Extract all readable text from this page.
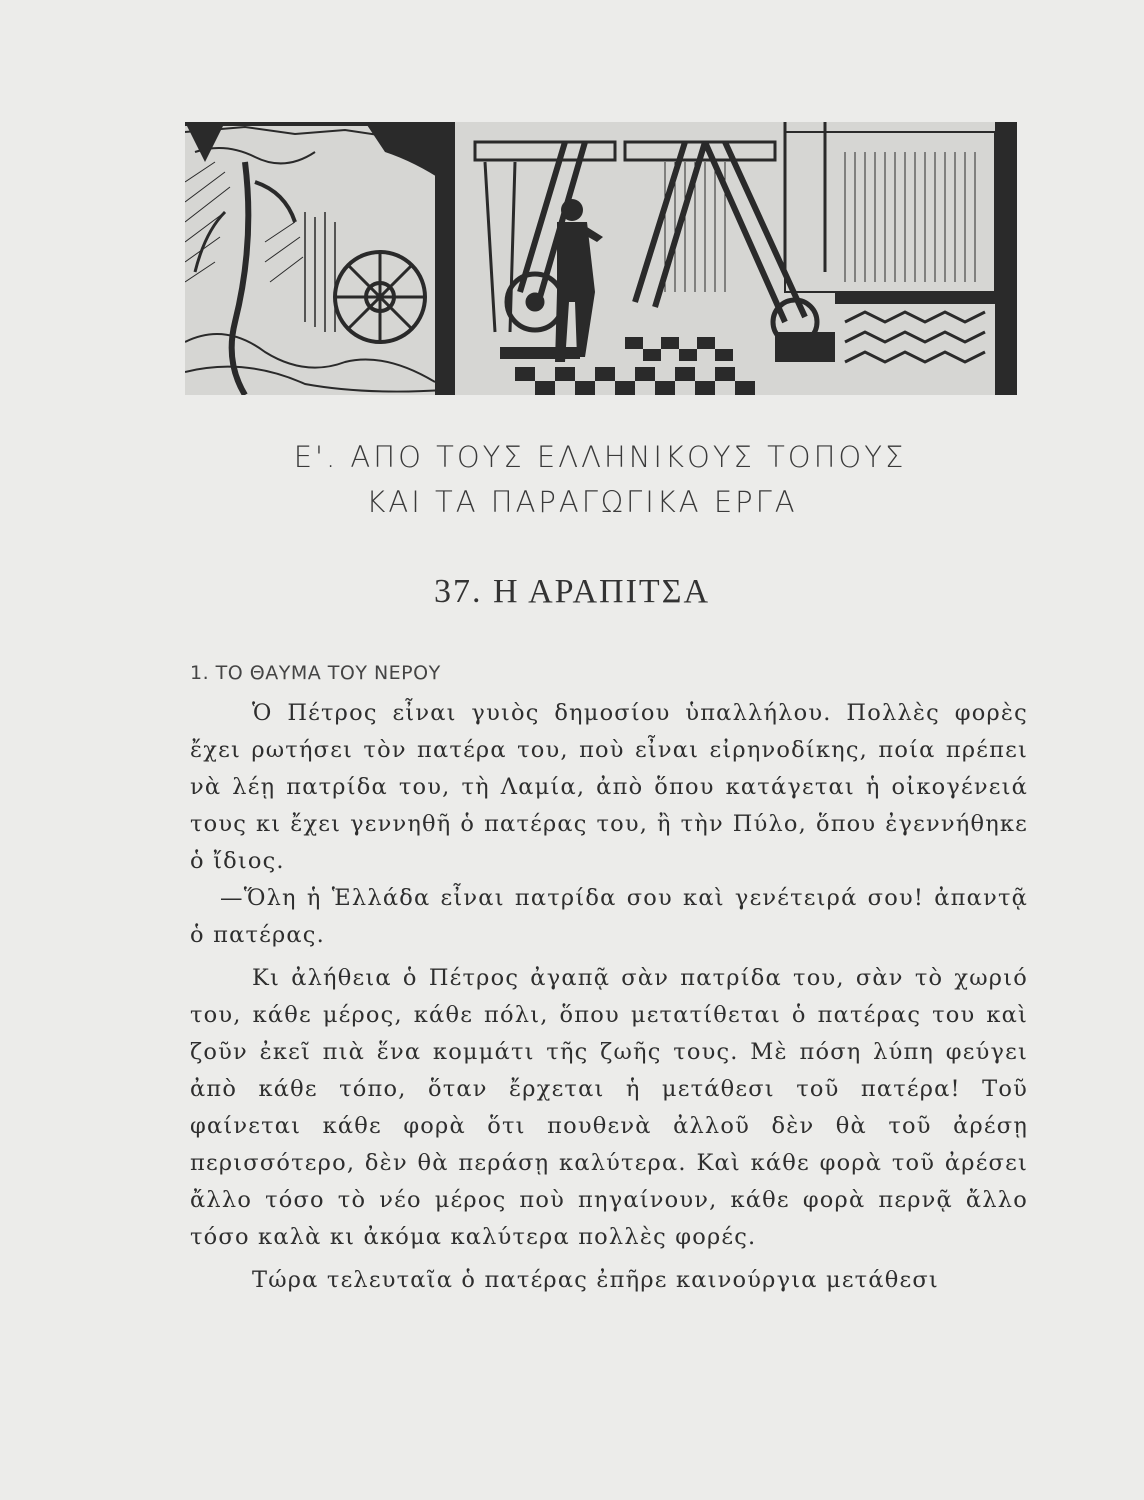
Ε'. ΑΠΟ ΤΟΥΣ ΕΛΛΗΝΙΚΟΥΣ ΤΟΠΟΥΣ
ΚΑΙ ΤΑ ΠΑΡΑΓΩΓΙΚΑ ΕΡΓΑ
37. Η ΑΡΑΠΙΤΣΑ
1. ΤΟ ΘΑΥΜΑ ΤΟΥ ΝΕΡΟΥ

Ὁ Πέτρος εἶναι γυιὸς δημοσίου ὑπαλλήλου. Πολλὲς φορὲς ἔχει ρωτήσει τὸν πατέρα του, ποὺ εἶναι εἰρηνοδίκης, ποία πρέπει νὰ λέῃ πατρίδα του, τὴ Λαμία, ἀπὸ ὅπου κατάγεται ἡ οἰκογένειά τους κι ἔχει γεννηθῆ ὁ πατέρας του, ἢ τὴν Πύλο, ὅπου ἐγεννήθηκε ὁ ἴδιος.

—Ὅλη ἡ Ἑλλάδα εἶναι πατρίδα σου καὶ γενέτειρά σου! ἀπαντᾷ ὁ πατέρας.

Κι ἀλήθεια ὁ Πέτρος ἀγαπᾷ σὰν πατρίδα του, σὰν τὸ χωριό του, κάθε μέρος, κάθε πόλι, ὅπου μετατίθεται ὁ πατέρας του καὶ ζοῦν ἐκεῖ πιὰ ἕνα κομμάτι τῆς ζωῆς τους. Μὲ πόση λύπη φεύγει ἀπὸ κάθε τόπο, ὅταν ἔρχεται ἡ μετάθεσι τοῦ πατέρα! Τοῦ φαίνεται κάθε φορὰ ὅτι πουθενὰ ἀλλοῦ δὲν θὰ τοῦ ἀρέσῃ περισσότερο, δὲν θὰ περάσῃ καλύτερα. Καὶ κάθε φορὰ τοῦ ἀρέσει ἄλλο τόσο τὸ νέο μέρος ποὺ πηγαίνουν, κάθε φορὰ περνᾷ ἄλλο τόσο καλὰ κι ἀκόμα καλύτερα πολλὲς φορές.

Τώρα τελευταῖα ὁ πατέρας ἐπῆρε καινούργια μετάθεσι
